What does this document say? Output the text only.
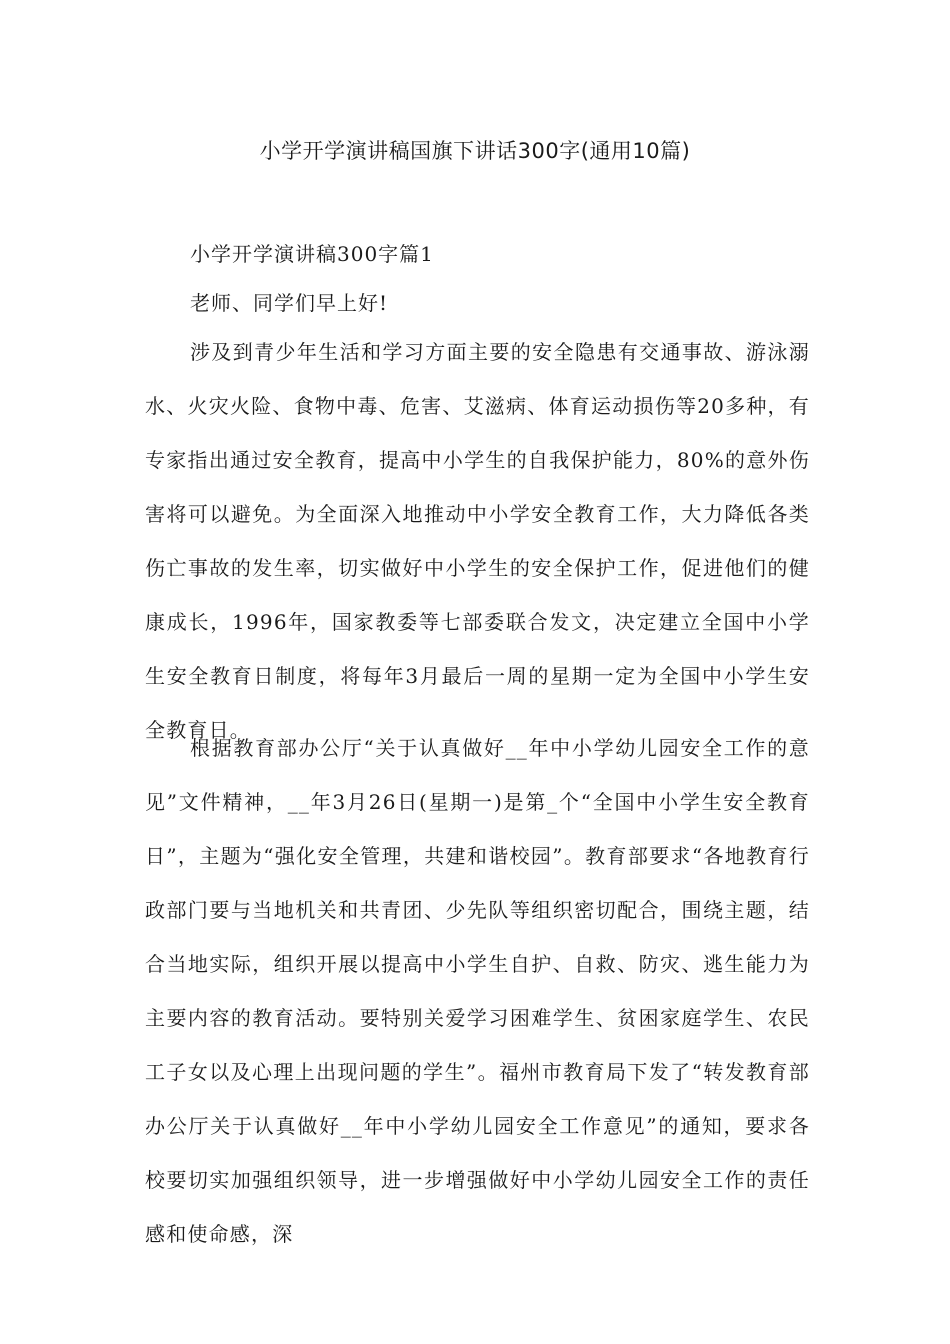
小学开学演讲稿国旗下讲话300字(通用10篇)
小学开学演讲稿300字篇1

老师、同学们早上好!

涉及到青少年生活和学习方面主要的安全隐患有交通事故、游泳溺水、火灾火险、食物中毒、危害、艾滋病、体育运动损伤等20多种，有专家指出通过安全教育，提高中小学生的自我保护能力，80%的意外伤害将可以避免。为全面深入地推动中小学安全教育工作，大力降低各类伤亡事故的发生率，切实做好中小学生的安全保护工作，促进他们的健康成长，1996年，国家教委等七部委联合发文，决定建立全国中小学生安全教育日制度，将每年3月最后一周的星期一定为全国中小学生安全教育日。

根据教育部办公厅“关于认真做好__年中小学幼儿园安全工作的意见”文件精神，__年3月26日(星期一)是第_个“全国中小学生安全教育日”，主题为“强化安全管理，共建和谐校园”。教育部要求“各地教育行政部门要与当地机关和共青团、少先队等组织密切配合，围绕主题，结合当地实际，组织开展以提高中小学生自护、自救、防灾、逃生能力为主要内容的教育活动。要特别关爱学习困难学生、贫困家庭学生、农民工子女以及心理上出现问题的学生”。福州市教育局下发了“转发教育部办公厅关于认真做好__年中小学幼儿园安全工作意见”的通知，要求各校要切实加强组织领导，进一步增强做好中小学幼儿园安全工作的责任感和使命感，深
